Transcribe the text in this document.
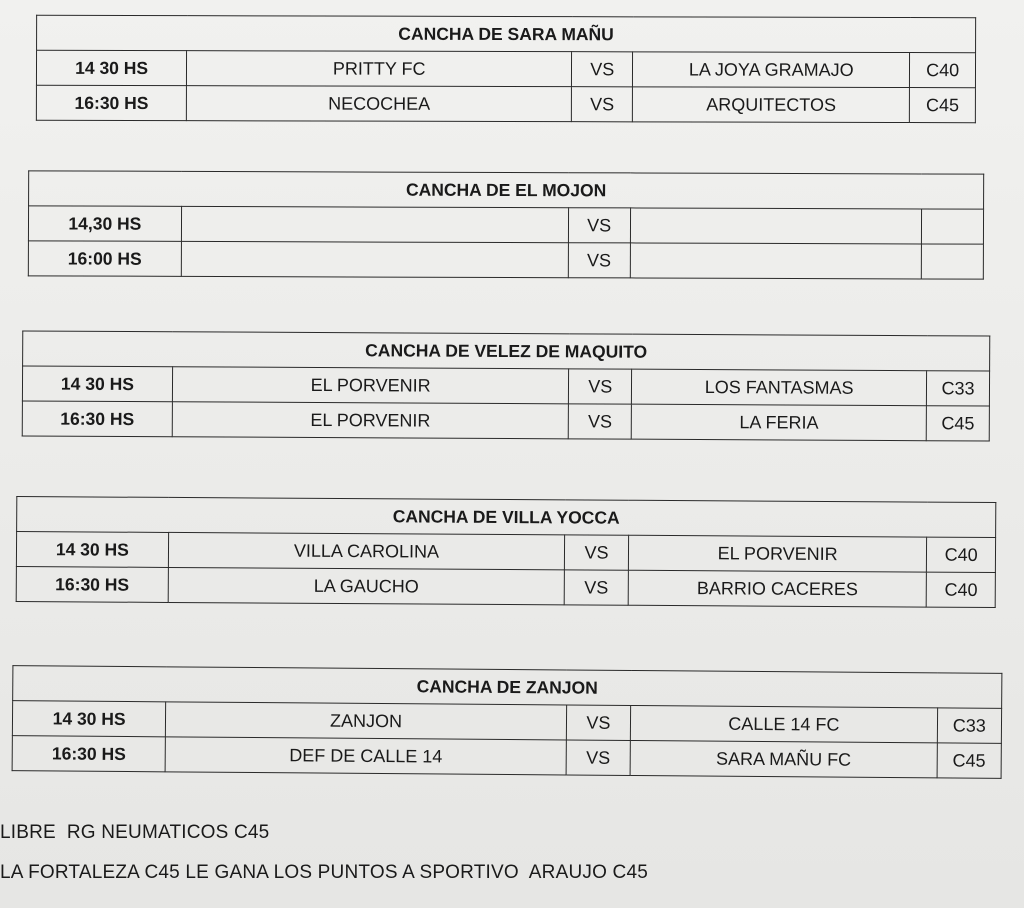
CANCHA DE SARA MAÑU				
14 30 HS	PRITTY FC	VS	LA JOYA GRAMAJO	C40
16:30 HS	NECOCHEA	VS	ARQUITECTOS	C45
CANCHA DE EL MOJON				
14,30 HS		VS		
16:00 HS		VS		
CANCHA DE VELEZ DE MAQUITO				
14 30 HS	EL PORVENIR	VS	LOS FANTASMAS	C33
16:30 HS	EL PORVENIR	VS	LA FERIA	C45
CANCHA DE VILLA YOCCA				
14 30 HS	VILLA CAROLINA	VS	EL PORVENIR	C40
16:30 HS	LA GAUCHO	VS	BARRIO CACERES	C40
CANCHA DE ZANJON				
14 30 HS	ZANJON	VS	CALLE 14 FC	C33
16:30 HS	DEF DE CALLE 14	VS	SARA MAÑU FC	C45
LIBRE  RG NEUMATICOS C45
LA FORTALEZA C45 LE GANA LOS PUNTOS A SPORTIVO  ARAUJO C45
